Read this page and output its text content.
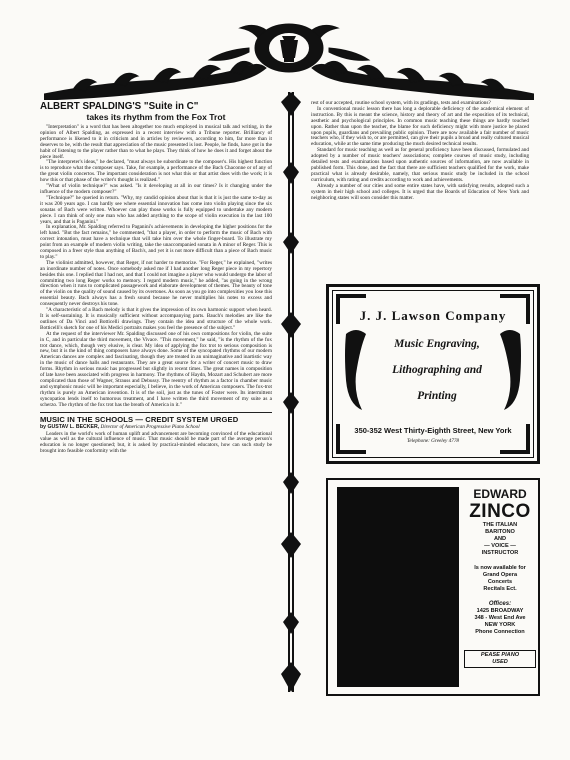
ALBERT SPALDING'S "Suite in C"
takes its rhythm from the Fox Trot

"Interpretation" is a word that has been altogether too much employed in musical talk and writing, in the opinion of Albert Spalding, as expressed in a recent interview with a Tribune reporter. Brilliancy of performance is likened to it in criticism and in articles by reviewers, according to him, far more than it deserves to be, with the result that appreciation of the music presented is lost. People, he finds, have got in the habit of listening to the player rather than to what he plays. They think of how he does it and forget about the piece itself.

"The interpreter's ideas," he declared, "must always be subordinate to the composer's. His highest function is to reproduce what the composer says. Take, for example, a performance of the Bach Chaconne or of any of the great violin concertos. The important consideration is not what this or that artist does with the work; it is how this or that phase of the writer's thought is realized."

"What of violin technique?" was asked. "Is it developing at all in our times? Is it changing under the influence of the modern composer?"

"Technique?" he queried in return. "Why, my candid opinion about that is that it is just the same to-day as it was 200 years ago. I can hardly see where essential innovation has come into violin playing since the six sonatas of Bach were written. Whoever can play those works is fully equipped to undertake any modern piece. I can think of only one man who has added anything to the scope of violin execution in the last 100 years, and that is Paganini."

In explanation, Mr. Spalding referred to Paganini's achievements in developing the higher positions for the left hand. "But the fact remains," he commented, "that a player, in order to perform the music of Bach with correct intonation, must have a technique that will take him over the whole finger-board. To illustrate my point from an example of modern violin writing, take the unaccompanied sonata in A minor of Reger. This is composed in a freer style than anything of Bach's, and yet it is not more difficult than a piece of Bach music to play."

The violinist admitted, however, that Reger, if not harder to memorize. "For Reger," he explained, "writes an inordinate number of notes. Once somebody asked me if I had another long Reger piece in my repertory besides this one. I replied that I had not, and that I could not imagine a player who would undergo the labor of committing two long Reger works to memory. I regard modern music," he added, "as going in the wrong direction when it runs to complicated passagework and elaborate development of themes. The beauty of tone of the violin on the quality of sound caused by its overtones. As soon as you go into complexities you lose this essential beauty. Bach always has a fresh sound because he never multiplies his notes to excess and consequently never destroys his tone.

"A characteristic of a Bach melody is that it gives the impression of its own harmonic support when heard. It is self-sustaining. It is musically sufficient without accompanying parts. Bauch's melodies are like the outlines of Da Vinci and Botticelli drawings. They contain the idea and structure of the whole work. Botticelli's sketch for one of his Medici portraits makes you feel the presence of the subject."

At the request of the interviewer Mr. Spalding discussed one of his own compositions for violin, the suite in C, and in particular the third movement, the Vivace. "This movement," he said, "is the rhythm of the fox trot dance, which, though very elusive, is clear. My idea of applying the fox trot to serious composition is new, but it is the kind of thing composers have always done. Some of the syncopated rhythms of our modern American dances are complex and fascinating, though they are treated in an unimaginative and inartistic way in the music of dance halls and restaurants. They are a great source for a writer of concert music to draw forms. Rhythm in serious music has progressed but slightly in recent times. The great names in composition of late have been associated with progress in harmony. The rhythms of Haydn, Mozart and Schubert are more complicated than those of Wagner, Strauss and Debussy. The reentry of rhythm as a factor in chamber music and symphonic music will be important especially, I believe, in the work of American composers. The fox-trot rhythm is purely an American invention. It is of the soil, just as the tunes of Foster were. Its intermittent syncopation lends itself to humorous treatment, and I have written the third movement of my suite as a scherzo. The rhythm of the fox trot has the breath of America in it."

MUSIC IN THE SCHOOLS — CREDIT SYSTEM URGED
by GUSTAV L. BECKER, Director of American Progressive Piano School

Leaders in the world's work of human uplift and advancement are becoming convinced of the educational value as well as the cultural influence of music. That music should be made part of the average person's education is no longer questioned; but, it is asked by practical-minded educators, how can such study be brought into feasible conformity with the

rest of our accepted, routine school system, with its gradings, tests and examinations?

In conventional music lesson there has long a deplorable deficiency of the academical element of instruction. By this is meant the science, history and theory of art and the exposition of its technical, aesthetic and psychological principles. In common music teaching these things are hardly touched upon. Rather than upon the teacher, the blame for such deficiency might with more justice be placed upon pupils, guardians and prevailing public opinion. There are now available a fair number of music teachers who, if they wish to, or are permitted, can give their pupils a broad and really cultured musical education, while at the same time producing the much desired technical results.

Standard for music teaching as well as for general proficiency have been discussed, formulated and adopted by a number of music teachers' associations; complete courses of music study, including detailed tests and examinations based upon authentic sources of information, are now available in published form. This done, and the fact that there are sufficient teachers qualified for the work, make practical what is already desirable, namely, that serious music study be included in the school curriculum, with rating and credits according to work and achievements.

Already a number of our cities and some entire states have, with satisfying results, adopted such a system in their high school and colleges. It is urged that the Boards of Education of New York and neighboring states will soon consider this matter.

J. J. Lawson Company
Music Engraving,
Lithographing and
Printing
350-352 West Thirty-Eighth Street, New York
Telephone: Greeley 4778
EDWARD
ZINCO
THE ITALIAN
BARITONO
AND
— VOICE —
INSTRUCTOR
Is now available for
Grand Opera
Concerts
Recitals Ect.
Offices:
1425 BROADWAY
348 - West End Ave
NEW YORK
Phone Connection
PEASE PIANO
USED
